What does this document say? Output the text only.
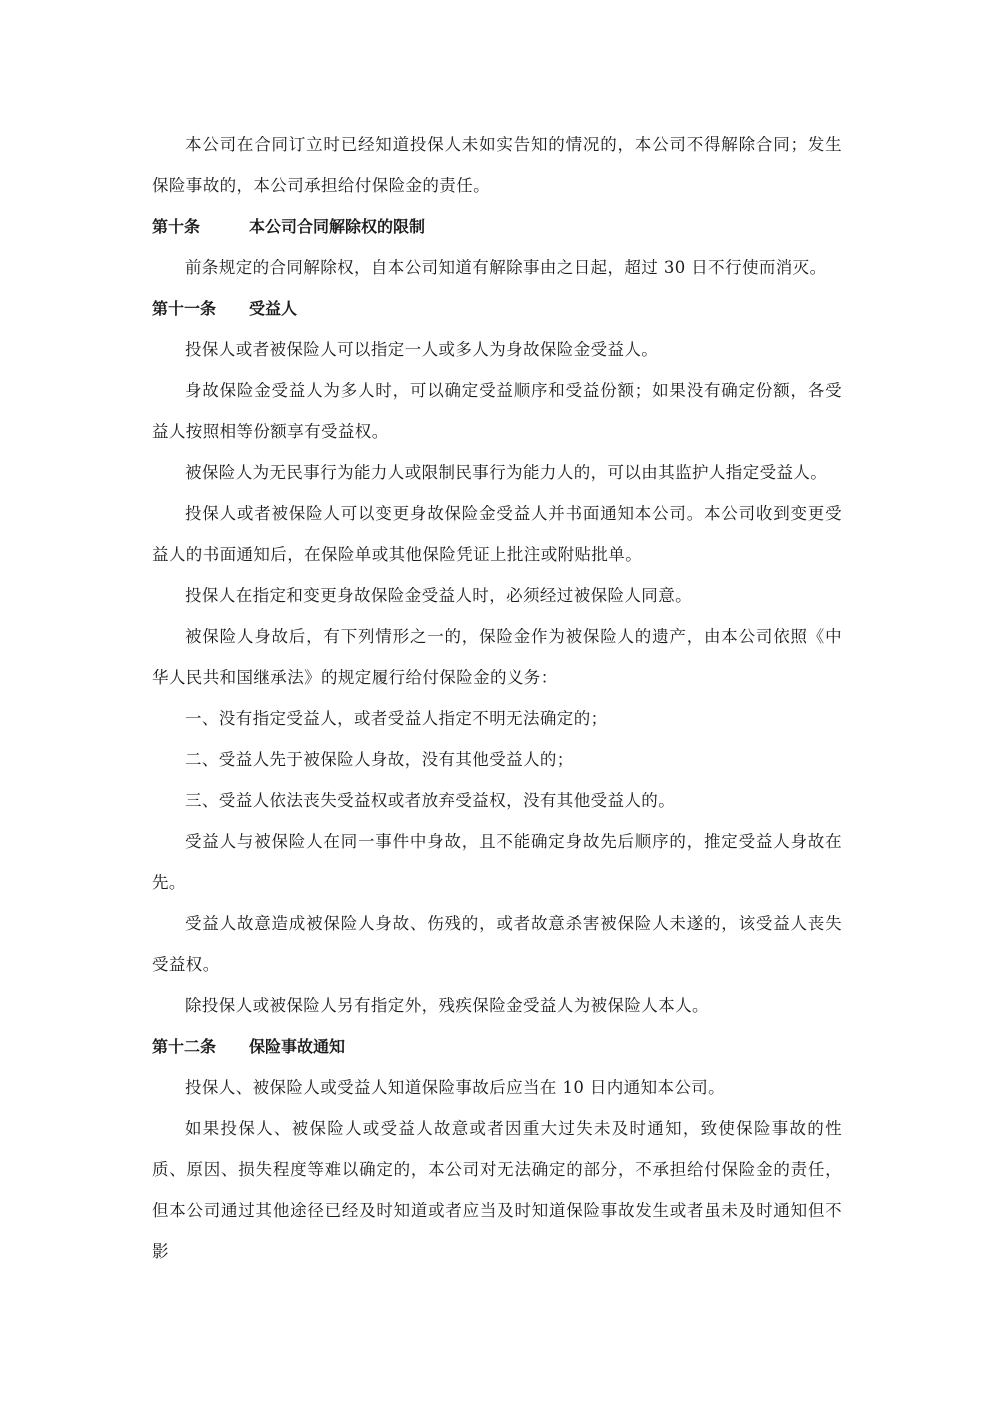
本公司在合同订立时已经知道投保人未如实告知的情况的，本公司不得解除合同；发生保险事故的，本公司承担给付保险金的责任。

第十条	本公司合同解除权的限制

前条规定的合同解除权，自本公司知道有解除事由之日起，超过 30 日不行使而消灭。

第十一条 受益人

投保人或者被保险人可以指定一人或多人为身故保险金受益人。

身故保险金受益人为多人时，可以确定受益顺序和受益份额；如果没有确定份额，各受益人按照相等份额享有受益权。

被保险人为无民事行为能力人或限制民事行为能力人的，可以由其监护人指定受益人。

投保人或者被保险人可以变更身故保险金受益人并书面通知本公司。本公司收到变更受益人的书面通知后，在保险单或其他保险凭证上批注或附贴批单。

投保人在指定和变更身故保险金受益人时，必须经过被保险人同意。

被保险人身故后，有下列情形之一的，保险金作为被保险人的遗产，由本公司依照《中华人民共和国继承法》的规定履行给付保险金的义务：

一、没有指定受益人，或者受益人指定不明无法确定的；

二、受益人先于被保险人身故，没有其他受益人的；

三、受益人依法丧失受益权或者放弃受益权，没有其他受益人的。

受益人与被保险人在同一事件中身故，且不能确定身故先后顺序的，推定受益人身故在先。

受益人故意造成被保险人身故、伤残的，或者故意杀害被保险人未遂的，该受益人丧失受益权。

除投保人或被保险人另有指定外，残疾保险金受益人为被保险人本人。

第十二条 保险事故通知

投保人、被保险人或受益人知道保险事故后应当在 10 日内通知本公司。

如果投保人、被保险人或受益人故意或者因重大过失未及时通知，致使保险事故的性质、原因、损失程度等难以确定的，本公司对无法确定的部分，不承担给付保险金的责任，但本公司通过其他途径已经及时知道或者应当及时知道保险事故发生或者虽未及时通知但不影
